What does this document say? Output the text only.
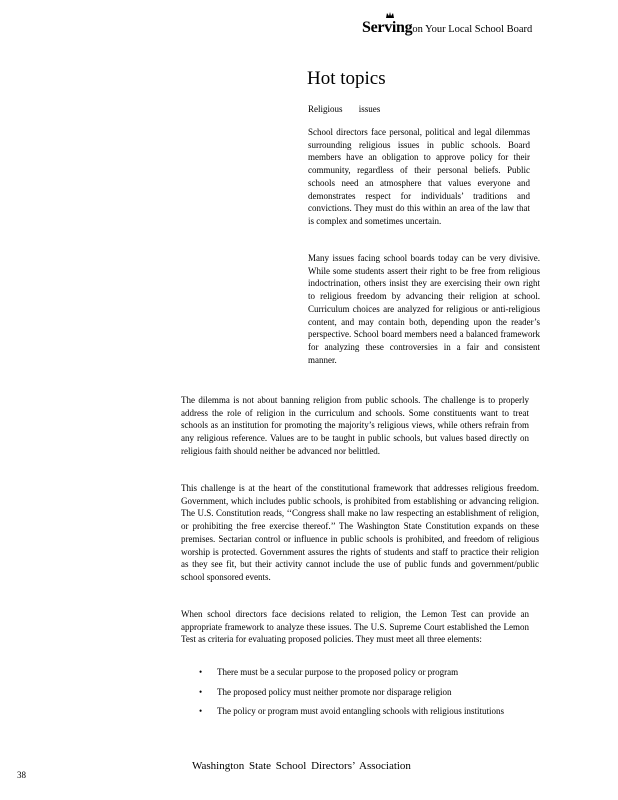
Serving
on Your Local School Board
Hot topics
Religious issues

School directors face personal, political and legal dilemmas surrounding religious issues in public schools. Board members have an obligation to approve policy for their community, regardless of their personal beliefs. Public schools need an atmosphere that values everyone and demonstrates respect for individuals’ traditions and convictions. They must do this within an area of the law that is complex and sometimes uncertain.

Many issues facing school boards today can be very divisive. While some students assert their right to be free from religious indoctrination, others insist they are exercising their own right to religious freedom by advancing their religion at school. Curriculum choices are analyzed for religious or anti-religious content, and may contain both, depending upon the reader’s perspective. School board members need a balanced framework for analyzing these controversies in a fair and consistent manner.

The dilemma is not about banning religion from public schools. The challenge is to properly address the role of religion in the curriculum and schools. Some constituents want to treat schools as an institution for promoting the majority’s religious views, while others refrain from any religious reference. Values are to be taught in public schools, but values based directly on religious faith should neither be advanced nor belittled.

This challenge is at the heart of the constitutional framework that addresses religious freedom. Government, which includes public schools, is prohibited from establishing or advancing religion. The U.S. Constitution reads, ‘‘Congress shall make no law respecting an establishment of religion, or prohibiting the free exercise thereof.’’ The Washington State Constitution expands on these premises. Sectarian control or influence in public schools is prohibited, and freedom of religious worship is protected. Government assures the rights of students and staff to practice their religion as they see fit, but their activity cannot include the use of public funds and government/public school sponsored events.

When school directors face decisions related to religion, the Lemon Test can provide an appropriate framework to analyze these issues. The U.S. Supreme Court established the Lemon Test as criteria for evaluating proposed policies. They must meet all three elements:

• There must be a secular purpose to the proposed policy or program
• The proposed policy must neither promote nor disparage religion
• The policy or program must avoid entangling schools with religious institutions
Washington State School Directors’ Association
38
